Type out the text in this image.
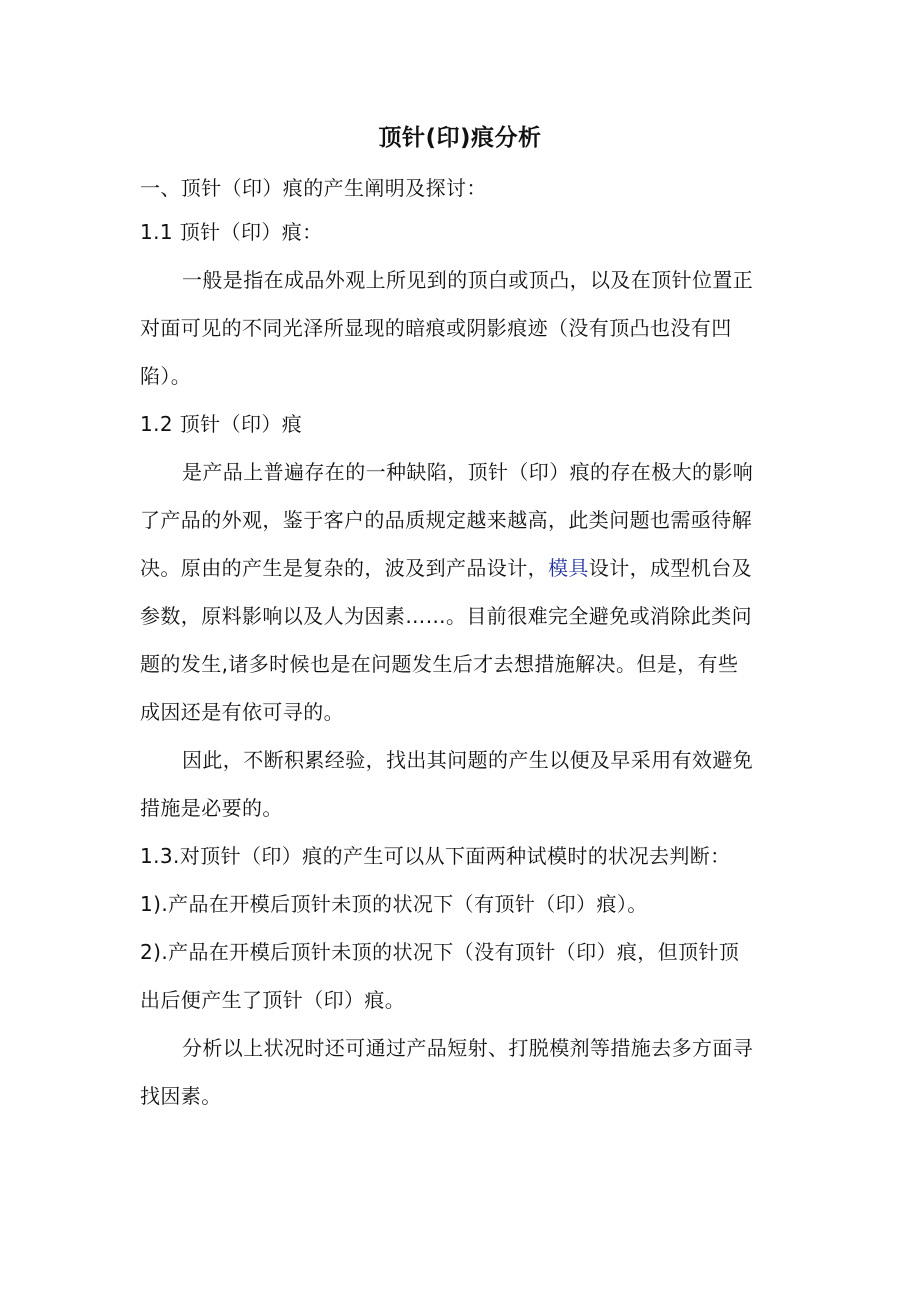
顶针(印)痕分析
一、顶针（印）痕的产生阐明及探讨：
1.1 顶针（印）痕：
一般是指在成品外观上所见到的顶白或顶凸，以及在顶针位置正
对面可见的不同光泽所显现的暗痕或阴影痕迹（没有顶凸也没有凹
陷）。
1.2 顶针（印）痕
是产品上普遍存在的一种缺陷，顶针（印）痕的存在极大的影响
了产品的外观，鉴于客户的品质规定越来越高，此类问题也需亟待解
决。原由的产生是复杂的，波及到产品设计，模具设计，成型机台及
参数，原料影响以及人为因素……。目前很难完全避免或消除此类问
题的发生,诸多时候也是在问题发生后才去想措施解决。但是，有些
成因还是有依可寻的。
因此，不断积累经验，找出其问题的产生以便及早采用有效避免
措施是必要的。
1.3.对顶针（印）痕的产生可以从下面两种试模时的状况去判断：
1).产品在开模后顶针未顶的状况下（有顶针（印）痕）。
2).产品在开模后顶针未顶的状况下（没有顶针（印）痕，但顶针顶
出后便产生了顶针（印）痕。
分析以上状况时还可通过产品短射、打脱模剂等措施去多方面寻
找因素。
